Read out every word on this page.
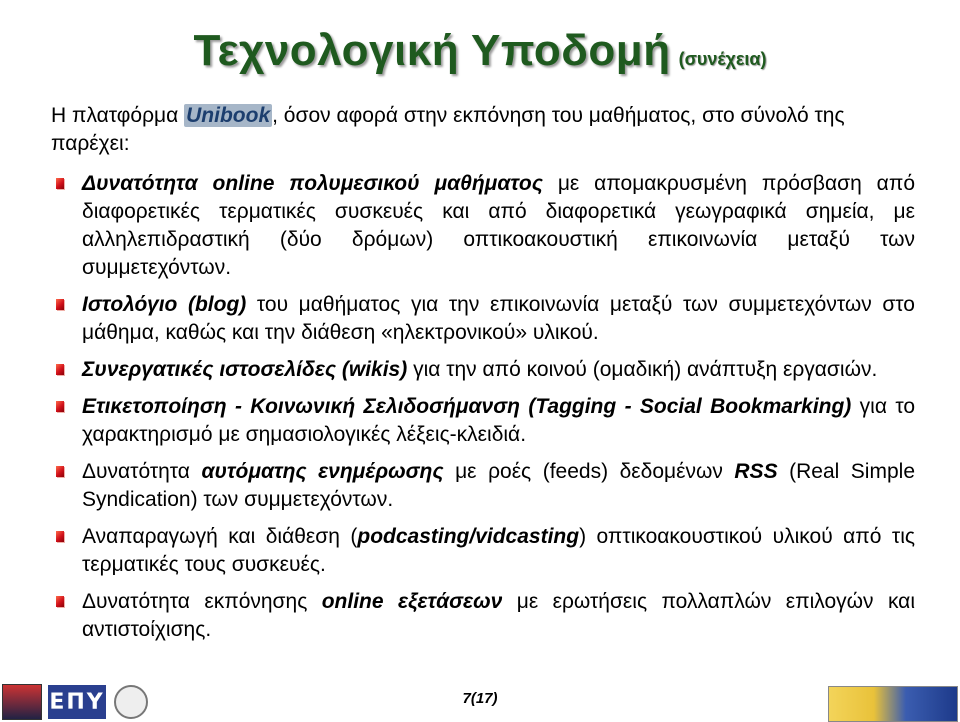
Τεχνολογική Υποδομή (συνέχεια)
Η πλατφόρμα Unibook, όσον αφορά στην εκπόνηση του μαθήματος, στο σύνολό της παρέχει:
Δυνατότητα online πολυμεσικού μαθήματος με απομακρυσμένη πρόσβαση από διαφορετικές τερματικές συσκευές και από διαφορετικά γεωγραφικά σημεία, με αλληλεπιδραστική (δύο δρόμων) οπτικοακουστική επικοινωνία μεταξύ των συμμετεχόντων.
Ιστολόγιο (blog) του μαθήματος για την επικοινωνία μεταξύ των συμμετεχόντων στο μάθημα, καθώς και την διάθεση «ηλεκτρονικού» υλικού.
Συνεργατικές ιστοσελίδες (wikis) για την από κοινού (ομαδική) ανάπτυξη εργασιών.
Ετικετοποίηση - Κοινωνική Σελιδοσήμανση (Tagging - Social Bookmarking) για το χαρακτηρισμό με σημασιολογικές λέξεις-κλειδιά.
Δυνατότητα αυτόματης ενημέρωσης με ροές (feeds) δεδομένων RSS (Real Simple Syndication) των συμμετεχόντων.
Αναπαραγωγή και διάθεση (podcasting/vidcasting) οπτικοακουστικού υλικού από τις τερματικές τους συσκευές.
Δυνατότητα εκπόνησης online εξετάσεων με ερωτήσεις πολλαπλών επιλογών και αντιστοίχισης.
ΕΠΥ	7(17)
